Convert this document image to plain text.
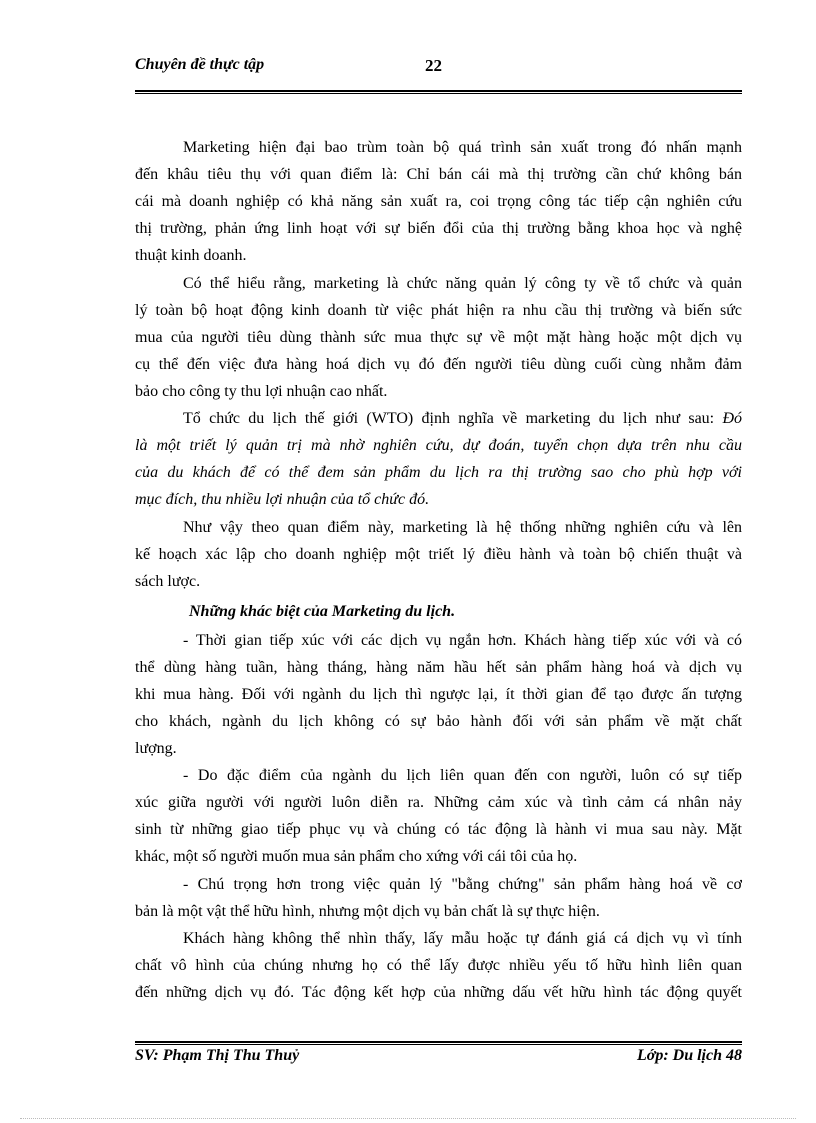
Chuyên đề thực tập	22
Marketing hiện đại bao trùm toàn bộ quá trình sản xuất trong đó nhấn mạnh
đến khâu tiêu thụ với quan điểm là: Chỉ bán cái mà thị trường cần chứ không bán
cái mà doanh nghiệp có khả năng sản xuất ra, coi trọng công tác tiếp cận nghiên cứu
thị trường, phản ứng linh hoạt với sự biến đổi của thị trường bằng khoa học và nghệ
thuật kinh doanh.
Có thể hiểu rằng, marketing là chức năng quản lý công ty về tổ chức và quản
lý toàn bộ hoạt động kinh doanh từ việc phát hiện ra nhu cầu thị trường và biến sức
mua của người tiêu dùng thành sức mua thực sự về một mặt hàng hoặc một dịch vụ
cụ thể đến việc đưa hàng hoá dịch vụ đó đến người tiêu dùng cuối cùng nhằm đảm
bảo cho công ty thu lợi nhuận cao nhất.
Tổ chức du lịch thế giới (WTO) định nghĩa về marketing du lịch như sau: Đó
là một triết lý quản trị mà nhờ nghiên cứu, dự đoán, tuyển chọn dựa trên nhu cầu
của du khách để có thể đem sản phẩm du lịch ra thị trường sao cho phù hợp với
mục đích, thu nhiều lợi nhuận của tổ chức đó.
Như vậy theo quan điểm này, marketing là hệ thống những nghiên cứu và lên
kế hoạch xác lập cho doanh nghiệp một triết lý điều hành và toàn bộ chiến thuật và
sách lược.
Những khác biệt của Marketing du lịch.
- Thời gian tiếp xúc với các dịch vụ ngắn hơn. Khách hàng tiếp xúc với và có
thể dùng hàng tuần, hàng tháng, hàng năm hầu hết sản phẩm hàng hoá và dịch vụ
khi mua hàng. Đối với ngành du lịch thì ngược lại, ít thời gian để tạo được ấn tượng
cho khách, ngành du lịch không có sự bảo hành đối với sản phẩm về mặt chất
lượng.
- Do đặc điểm của ngành du lịch liên quan đến con người, luôn có sự tiếp
xúc giữa người với người luôn diễn ra. Những cảm xúc và tình cảm cá nhân nảy
sinh từ những giao tiếp phục vụ và chúng có tác động là hành vi mua sau này. Mặt
khác, một số người muốn mua sản phẩm cho xứng với cái tôi của họ.
- Chú trọng hơn trong việc quản lý "bằng chứng" sản phẩm hàng hoá về cơ
bản là một vật thể hữu hình, nhưng một dịch vụ bản chất là sự thực hiện.
Khách hàng không thể nhìn thấy, lấy mẫu hoặc tự đánh giá cá dịch vụ vì tính
chất vô hình của chúng nhưng họ có thể lấy được nhiều yếu tố hữu hình liên quan
đến những dịch vụ đó. Tác động kết hợp của những dấu vết hữu hình tác động quyết
SV: Phạm Thị Thu Thuỷ	Lớp: Du lịch 48
